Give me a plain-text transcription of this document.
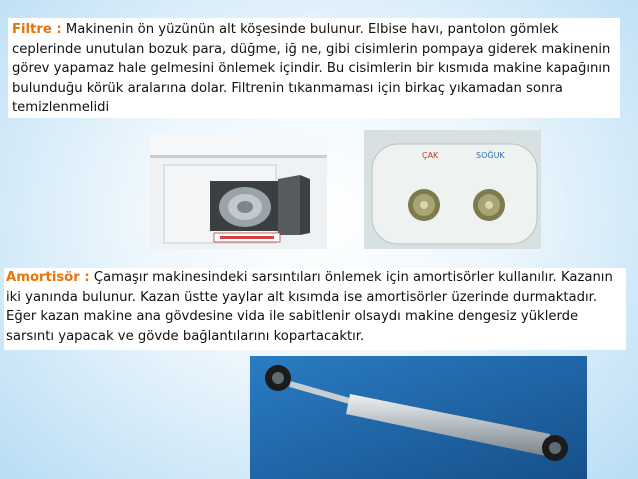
Filtre : Makinenin ön yüzünün alt köşesinde bulunur. Elbise havı, pantolon gömlek ceplerinde unutulan bozuk para, düğme, iğ ne, gibi cisimlerin pompaya giderek makinenin görev yapamaz hale gelmesini önlemek içindir. Bu cisimlerin bir kısmıda makine kapağının bulunduğu körük aralarına dolar. Filtrenin tıkanmaması için birkaç yıkamadan sonra temizlenmelidi
ÇAK	SOĞUK
Amortisör : Çamaşır makinesindeki sarsıntıları önlemek için amortisörler kullanılır. Kazanın iki yanında bulunur. Kazan üstte yaylar alt kısımda ise amortisörler üzerinde durmaktadır. Eğer kazan makine ana gövdesine vida ile sabitlenir olsaydı makine dengesiz yüklerde sarsıntı yapacak ve gövde bağlantılarını kopartacaktır.
